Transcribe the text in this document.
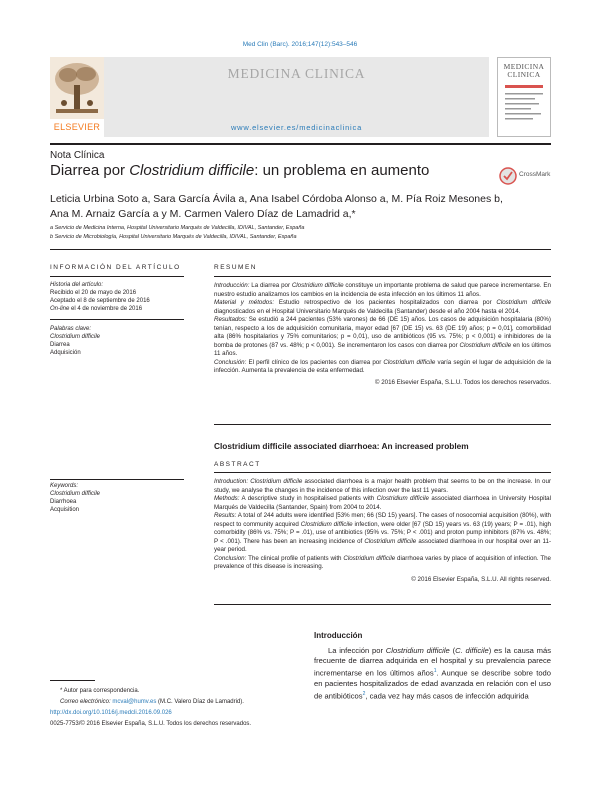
Med Clin (Barc). 2016;147(12):543–546
ELSEVIER
MEDICINA CLINICA
www.elsevier.es/medicinaclinica
MEDICINA
CLINICA
Nota Clínica
Diarrea por Clostridium difficile: un problema en aumento	CrossMark
Leticia Urbina Soto a, Sara García Ávila a, Ana Isabel Córdoba Alonso a, M. Pía Roiz Mesones b,
Ana M. Arnaiz García a y M. Carmen Valero Díaz de Lamadrid a,*
a Servicio de Medicina Interna, Hospital Universitario Marqués de Valdecilla, IDIVAL, Santander, España
b Servicio de Microbiología, Hospital Universitario Marqués de Valdecilla, IDIVAL, Santander, España
INFORMACIÓN DEL ARTÍCULO
Historia del artículo:
Recibido el 20 de mayo de 2016
Aceptado el 8 de septiembre de 2016
On-line el 4 de noviembre de 2016
Palabras clave:
Clostridium difficile
Diarrea
Adquisición
Keywords:
Clostridium difficile
Diarrhoea
Acquisition
RESUMEN

Introducción: La diarrea por Clostridium difficile constituye un importante problema de salud que parece incrementarse. En nuestro estudio analizamos los cambios en la incidencia de esta infección en los últimos 11 años.

Material y métodos: Estudio retrospectivo de los pacientes hospitalizados con diarrea por Clostridium difficile diagnosticados en el Hospital Universitario Marqués de Valdecilla (Santander) desde el año 2004 hasta el 2014.

Resultados: Se estudió a 244 pacientes (53% varones) de 66 (DE 15) años. Los casos de adquisición hospitalaria (80%) tenían, respecto a los de adquisición comunitaria, mayor edad [67 (DE 15) vs. 63 (DE 19) años; p = 0,01], comorbilidad alta (86% hospitalarios y 75% comunitarios; p = 0,01), uso de antibióticos (95 vs. 75%; p < 0,001) e inhibidores de la bomba de protones (87 vs. 48%; p < 0,001). Se incrementaron los casos con diarrea por Clostridium difficile en los últimos 11 años.

Conclusión: El perfil clínico de los pacientes con diarrea por Clostridium difficile varía según el lugar de adquisición de la infección. Aumenta la prevalencia de esta enfermedad.

© 2016 Elsevier España, S.L.U. Todos los derechos reservados.

Clostridium difficile associated diarrhoea: An increased problem
ABSTRACT

Introduction: Clostridium difficile associated diarrhoea is a major health problem that seems to be on the increase. In our study, we analyse the changes in the incidence of this infection over the last 11 years.

Methods: A descriptive study in hospitalised patients with Clostridium difficile associated diarrhoea in University Hospital Marqués de Valdecilla (Santander, Spain) from 2004 to 2014.

Results: A total of 244 adults were identified [53% men; 66 (SD 15) years]. The cases of nosocomial acquisition (80%), with respect to community acquired Clostridium difficile infection, were older [67 (SD 15) years vs. 63 (19) years; P = .01), high comorbidity (86% vs. 75%; P = .01), use of antibiotics (95% vs. 75%; P < .001) and proton pump inhibitors (87% vs. 48%; P < .001). There has been an increasing incidence of Clostridium difficile associated diarrhoea in our hospital over an 11-year period.

Conclusion: The clinical profile of patients with Clostridium difficile diarrhoea varies by place of acquisition of infection. The prevalence of this disease is increasing.

© 2016 Elsevier España, S.L.U. All rights reserved.

Introducción
La infección por Clostridium difficile (C. difficile) es la causa más frecuente de diarrea adquirida en el hospital y su prevalencia parece incrementarse en los últimos años$^1$. Aunque se describe sobre todo en pacientes hospitalizados de edad avanzada en relación con el uso de antibióticos$^2$, cada vez hay más casos de infección adquirida
* Autor para correspondencia.
Correo electrónico: mcval@humv.es (M.C. Valero Díaz de Lamadrid).
http://dx.doi.org/10.1016/j.medcli.2016.09.026
0025-7753/© 2016 Elsevier España, S.L.U. Todos los derechos reservados.
